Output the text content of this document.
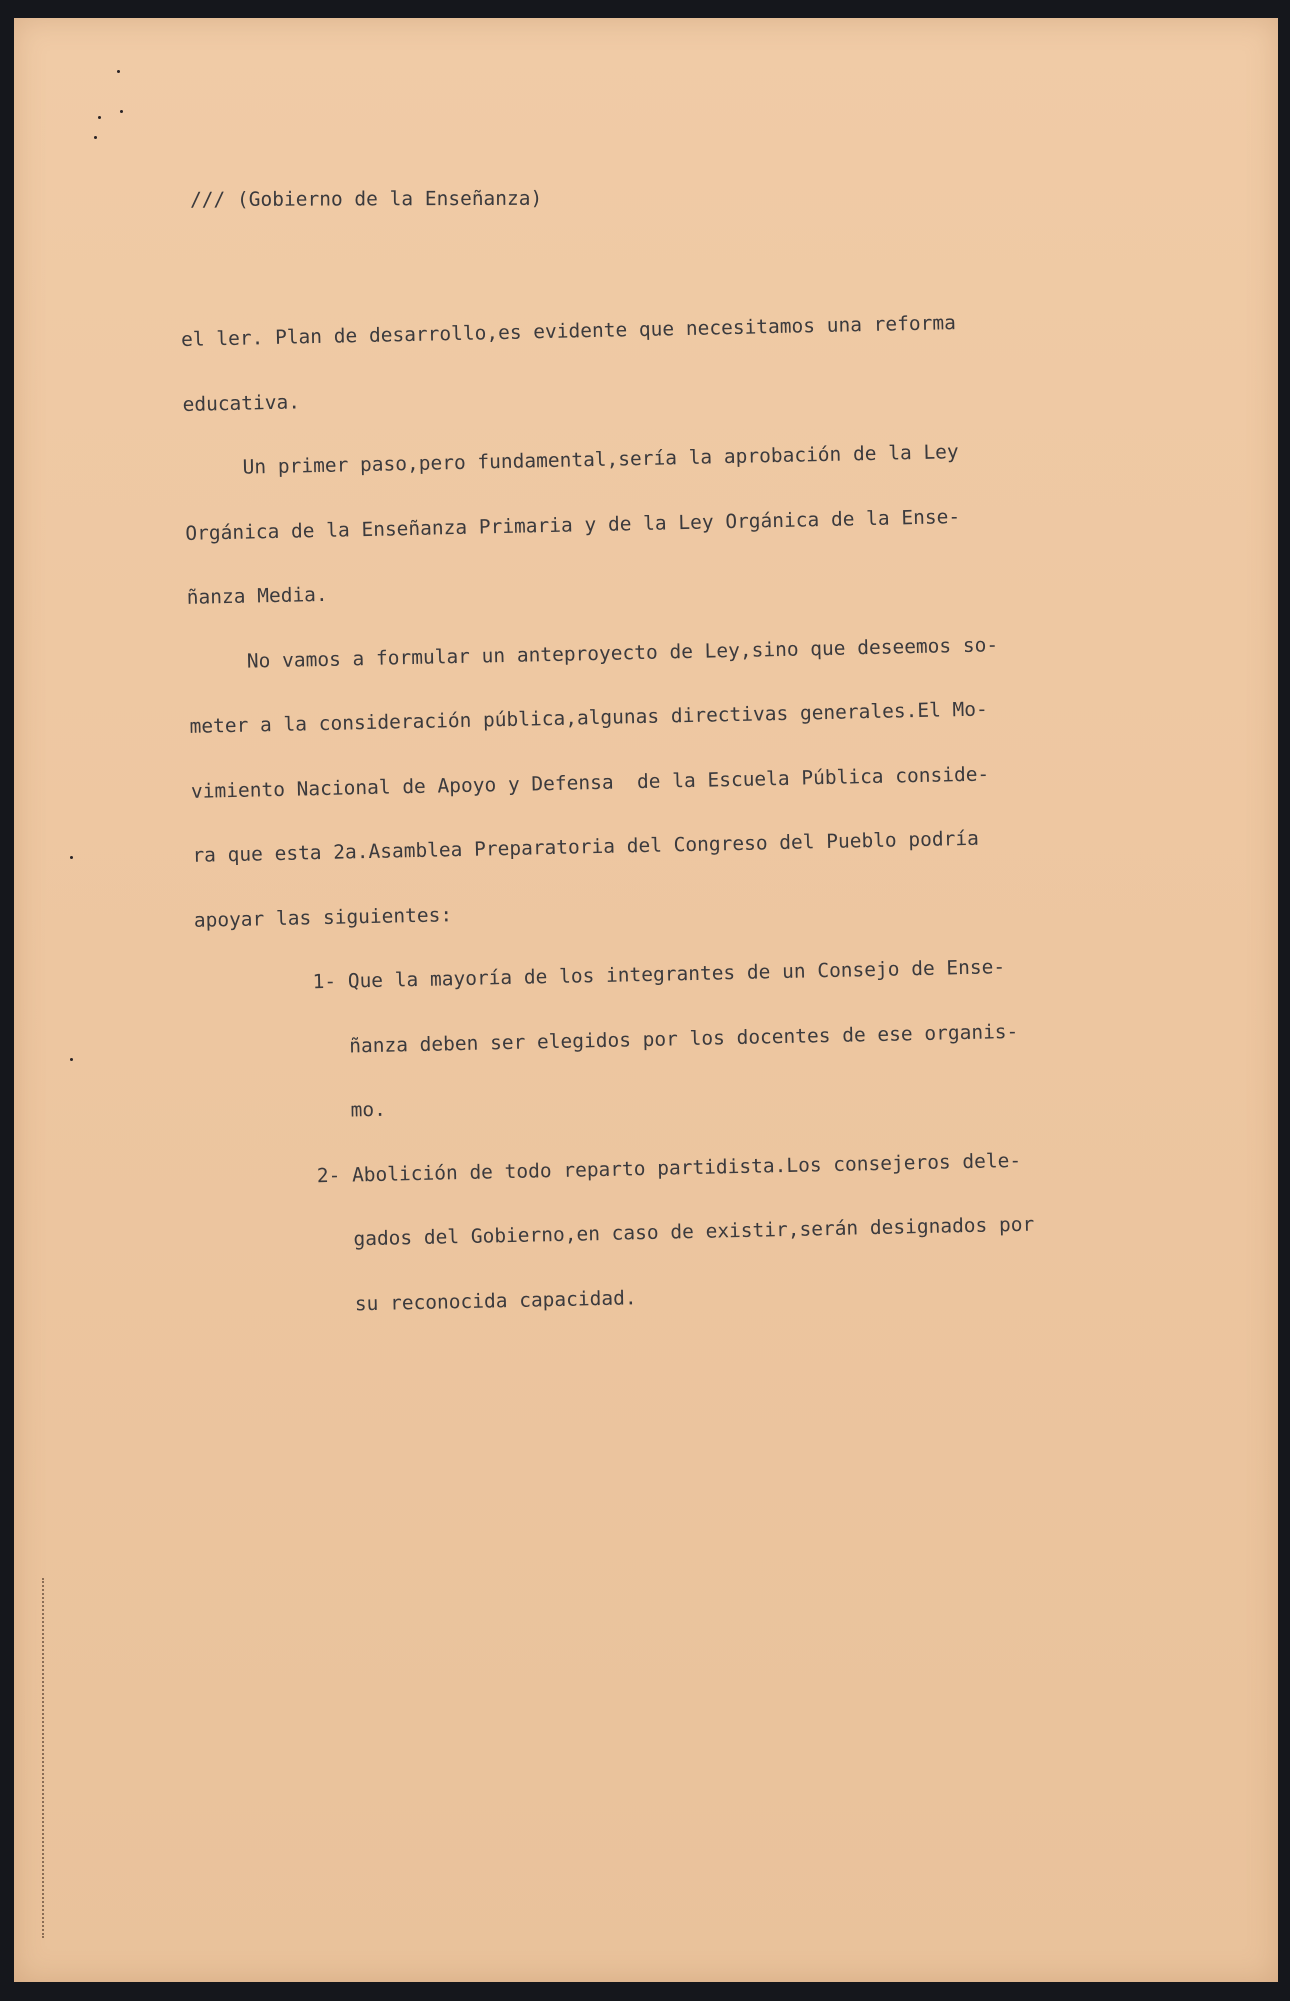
/// (Gobierno de la Enseñanza)

el ler. Plan de desarrollo,es evidente que necesitamos una reforma

educativa.

Un primer paso,pero fundamental,sería la aprobación de la Ley

Orgánica de la Enseñanza Primaria y de la Ley Orgánica de la Ense-

ñanza Media.

No vamos a formular un anteproyecto de Ley,sino que deseemos so-

meter a la consideración pública,algunas directivas generales.El Mo-

vimiento Nacional de Apoyo y Defensa  de la Escuela Pública conside-

ra que esta 2a.Asamblea Preparatoria del Congreso del Pueblo podría

apoyar las siguientes:

1- Que la mayoría de los integrantes de un Consejo de Ense-

ñanza deben ser elegidos por los docentes de ese organis-

mo.

2- Abolición de todo reparto partidista.Los consejeros dele-

gados del Gobierno,en caso de existir,serán designados por

su reconocida capacidad.
